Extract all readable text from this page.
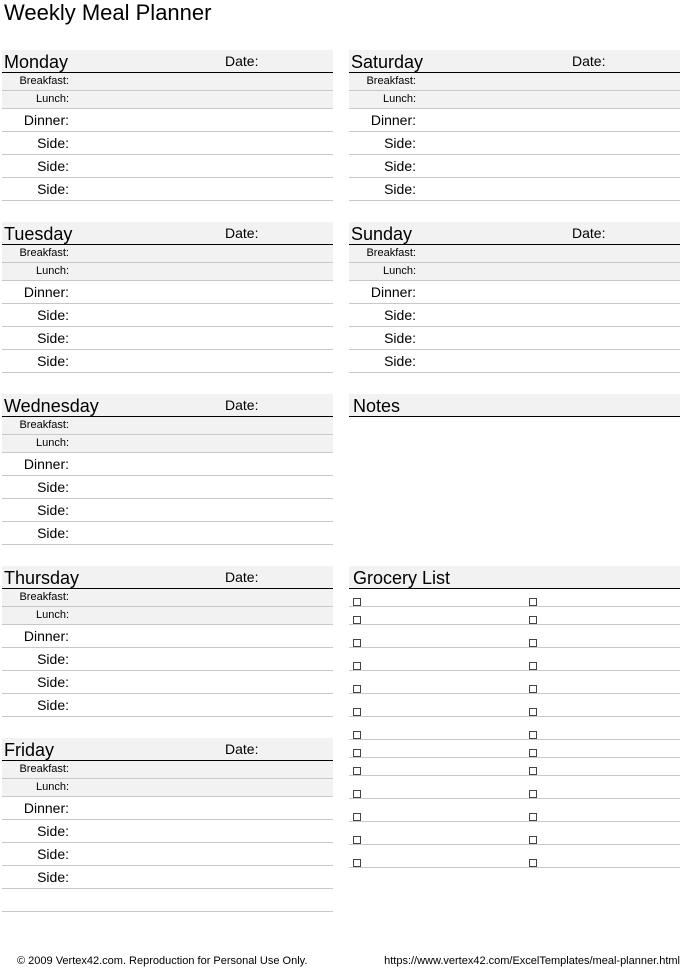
Weekly Meal Planner
Monday	Date:
Breakfast:
Lunch:
Dinner:
Side:
Side:
Side:
Tuesday	Date:
Breakfast:
Lunch:
Dinner:
Side:
Side:
Side:
Wednesday	Date:
Breakfast:
Lunch:
Dinner:
Side:
Side:
Side:
Thursday	Date:
Breakfast:
Lunch:
Dinner:
Side:
Side:
Side:
Friday	Date:
Breakfast:
Lunch:
Dinner:
Side:
Side:
Side:
Saturday	Date:
Breakfast:
Lunch:
Dinner:
Side:
Side:
Side:
Sunday	Date:
Breakfast:
Lunch:
Dinner:
Side:
Side:
Side:
Notes
Grocery List
© 2009 Vertex42.com. Reproduction for Personal Use Only.	https://www.vertex42.com/ExcelTemplates/meal-planner.html
